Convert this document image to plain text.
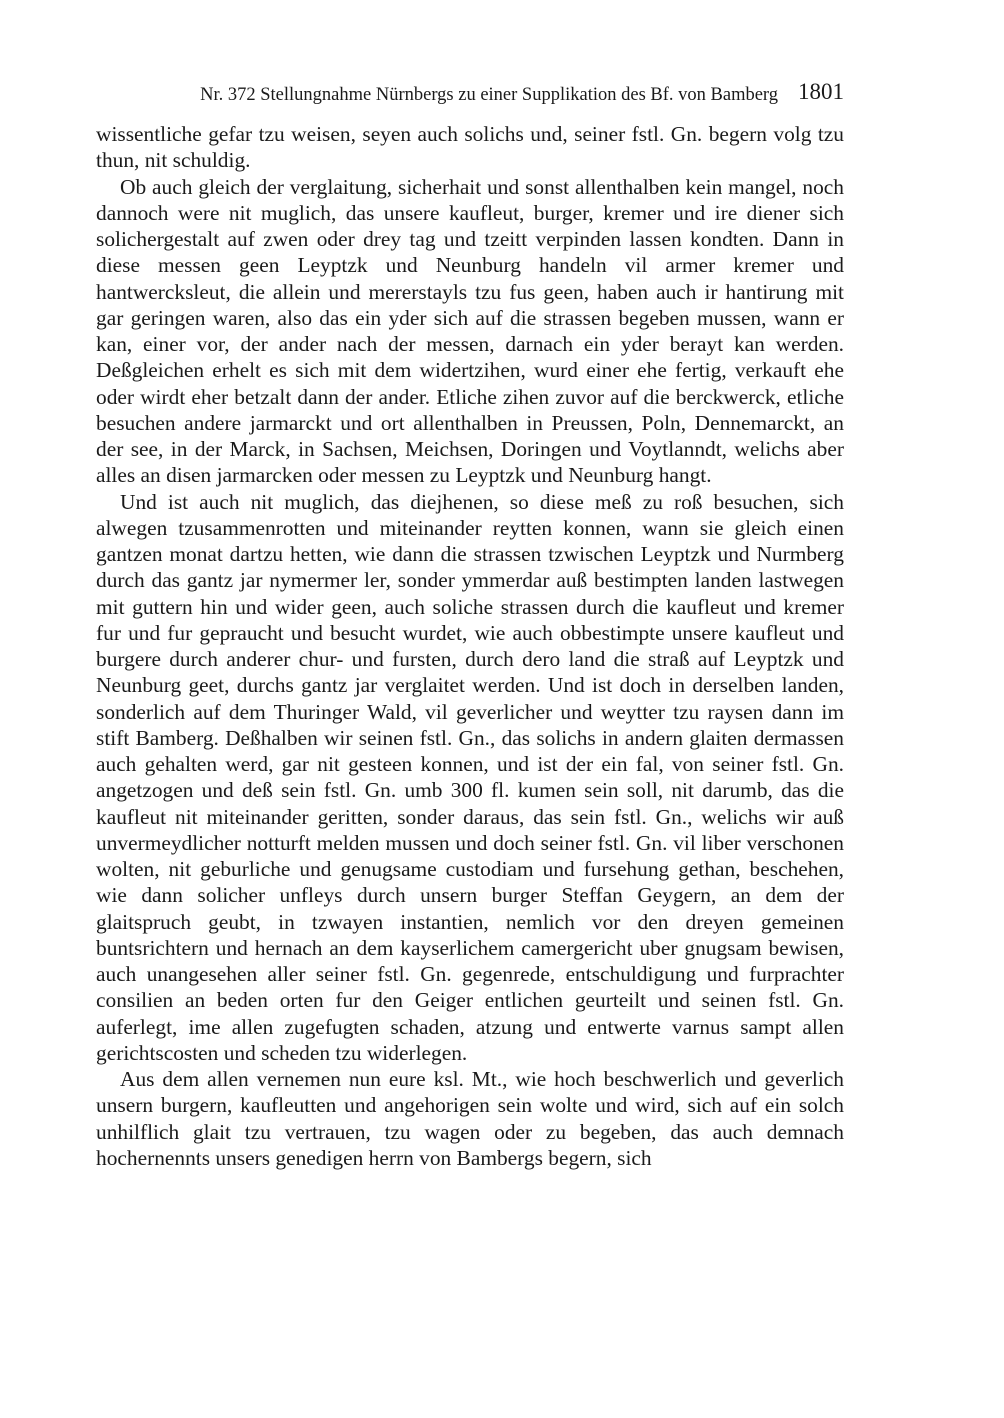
Nr. 372 Stellungnahme Nürnbergs zu einer Supplikation des Bf. von Bamberg 1801

wissentliche gefar tzu weisen, seyen auch solichs und, seiner fstl. Gn. begern volg tzu thun, nit schuldig.

Ob auch gleich der verglaitung, sicherhait und sonst allenthalben kein mangel, noch dannoch were nit muglich, das unsere kaufleut, burger, kremer und ire diener sich solichergestalt auf zwen oder drey tag und tzeitt verpinden lassen kondten. Dann in diese messen geen Leyptzk und Neunburg handeln vil armer kremer und hantwercksleut, die allein und mererstayls tzu fus geen, haben auch ir hantirung mit gar geringen waren, also das ein yder sich auf die strassen begeben mussen, wann er kan, einer vor, der ander nach der messen, darnach ein yder berayt kan werden. Deßgleichen erhelt es sich mit dem widertzihen, wurd einer ehe fertig, verkauft ehe oder wirdt eher betzalt dann der ander. Etliche zihen zuvor auf die berckwerck, etliche besuchen andere jarmarckt und ort allenthalben in Preussen, Poln, Dennemarckt, an der see, in der Marck, in Sachsen, Meichsen, Doringen und Voytlanndt, welichs aber alles an disen jarmarcken oder messen zu Leyptzk und Neunburg hangt.

Und ist auch nit muglich, das diejhenen, so diese meß zu roß besuchen, sich alwegen tzusammenrotten und miteinander reytten konnen, wann sie gleich einen gantzen monat dartzu hetten, wie dann die strassen tzwischen Leyptzk und Nurmberg durch das gantz jar nymermer ler, sonder ymmerdar auß bestimpten landen lastwegen mit guttern hin und wider geen, auch soliche strassen durch die kaufleut und kremer fur und fur gepraucht und besucht wurdet, wie auch obbestimpte unsere kaufleut und burgere durch anderer chur- und fursten, durch dero land die straß auf Leyptzk und Neunburg geet, durchs gantz jar verglaitet werden. Und ist doch in derselben landen, sonderlich auf dem Thuringer Wald, vil geverlicher und weytter tzu raysen dann im stift Bamberg. Deßhalben wir seinen fstl. Gn., das solichs in andern glaiten dermassen auch gehalten werd, gar nit gesteen konnen, und ist der ein fal, von seiner fstl. Gn. angetzogen und deß sein fstl. Gn. umb 300 fl. kumen sein soll, nit darumb, das die kaufleut nit miteinander geritten, sonder daraus, das sein fstl. Gn., welichs wir auß unvermeydlicher notturft melden mussen und doch seiner fstl. Gn. vil liber verschonen wolten, nit geburliche und genugsame custodiam und fursehung gethan, beschehen, wie dann solicher unfleys durch unsern burger Steffan Geygern, an dem der glaitspruch geubt, in tzwayen instantien, nemlich vor den dreyen gemeinen buntsrichtern und hernach an dem kayserlichem camergericht uber gnugsam bewisen, auch unangesehen aller seiner fstl. Gn. gegenrede, entschuldigung und furprachter consilien an beden orten fur den Geiger entlichen geurteilt und seinen fstl. Gn. auferlegt, ime allen zugefugten schaden, atzung und entwerte varnus sampt allen gerichtscosten und scheden tzu widerlegen.

Aus dem allen vernemen nun eure ksl. Mt., wie hoch beschwerlich und geverlich unsern burgern, kaufleutten und angehorigen sein wolte und wird, sich auf ein solch unhilflich glait tzu vertrauen, tzu wagen oder zu begeben, das auch demnach hochernennts unsers genedigen herrn von Bambergs begern, sich
